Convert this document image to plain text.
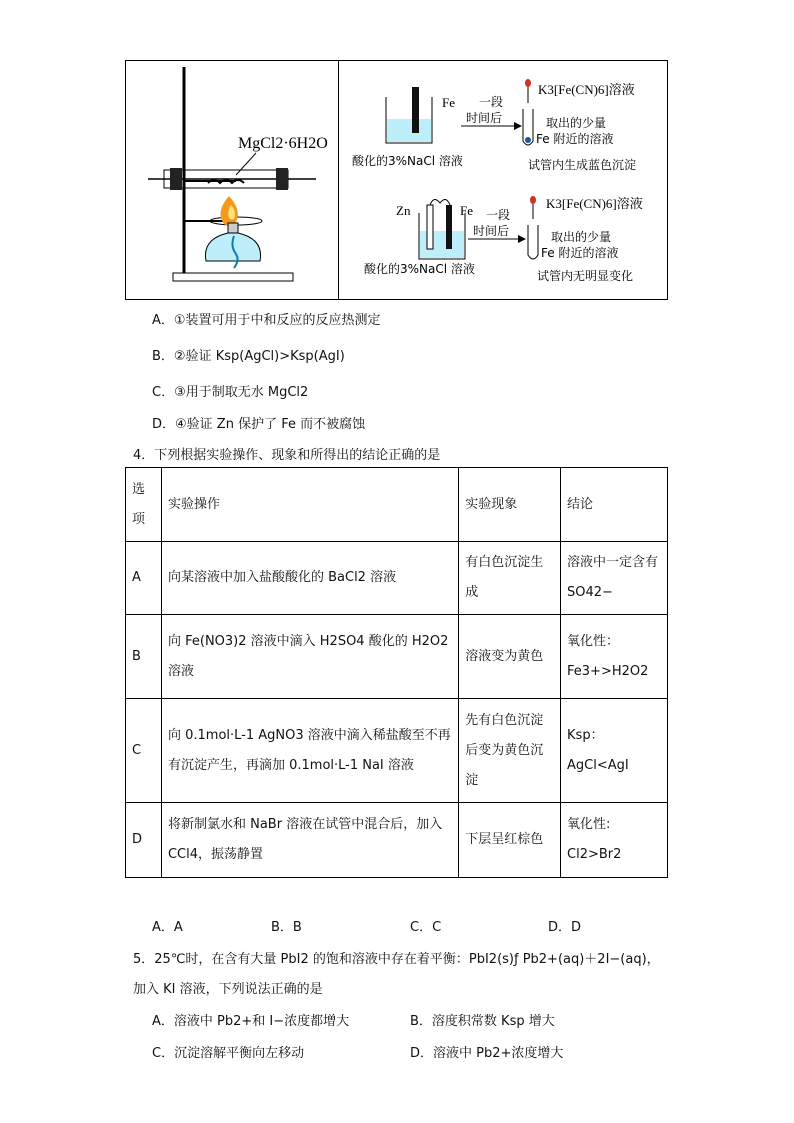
MgCl2·6H2O
Fe
酸化的3%NaCl 溶液
一段
时间后
K3[Fe(CN)6]溶液
取出的少量
Fe 附近的溶液
试管内生成蓝色沉淀
Zn	Fe
酸化的3%NaCl 溶液
一段
时间后
K3[Fe(CN)6]溶液
取出的少量
Fe 附近的溶液
试管内无明显变化
A．①装置可用于中和反应的反应热测定
B．②验证 Ksp(AgCl)>Ksp(AgI)
C．③用于制取无水 MgCl2
D．④验证 Zn 保护了 Fe 而不被腐蚀
4．下列根据实验操作、现象和所得出的结论正确的是
选项	实验操作	实验现象	结论
A	向某溶液中加入盐酸酸化的 BaCl2 溶液	有白色沉淀生成	溶液中一定含有 SO42−
B	向 Fe(NO3)2 溶液中滴入 H2SO4 酸化的 H2O2 溶液	溶液变为黄色	氧化性：Fe3+>H2O2
C	向 0.1mol·L-1 AgNO3 溶液中滴入稀盐酸至不再有沉淀产生，再滴加 0.1mol·L-1 NaI 溶液	先有白色沉淀后变为黄色沉淀	Ksp：AgCl<AgI
D	将新制氯水和 NaBr 溶液在试管中混合后，加入 CCl4，振荡静置	下层呈红棕色	氧化性: Cl2>Br2
A．A	B．B	C．C	D．D
5．25℃时，在含有大量 PbI2 的饱和溶液中存在着平衡：PbI2(s)ƒ Pb2+(aq)＋2I−(aq)，
加入 KI 溶液，下列说法正确的是
A．溶液中 Pb2+和 I−浓度都增大	B．溶度积常数 Ksp 增大
C．沉淀溶解平衡向左移动	D．溶液中 Pb2+浓度增大
